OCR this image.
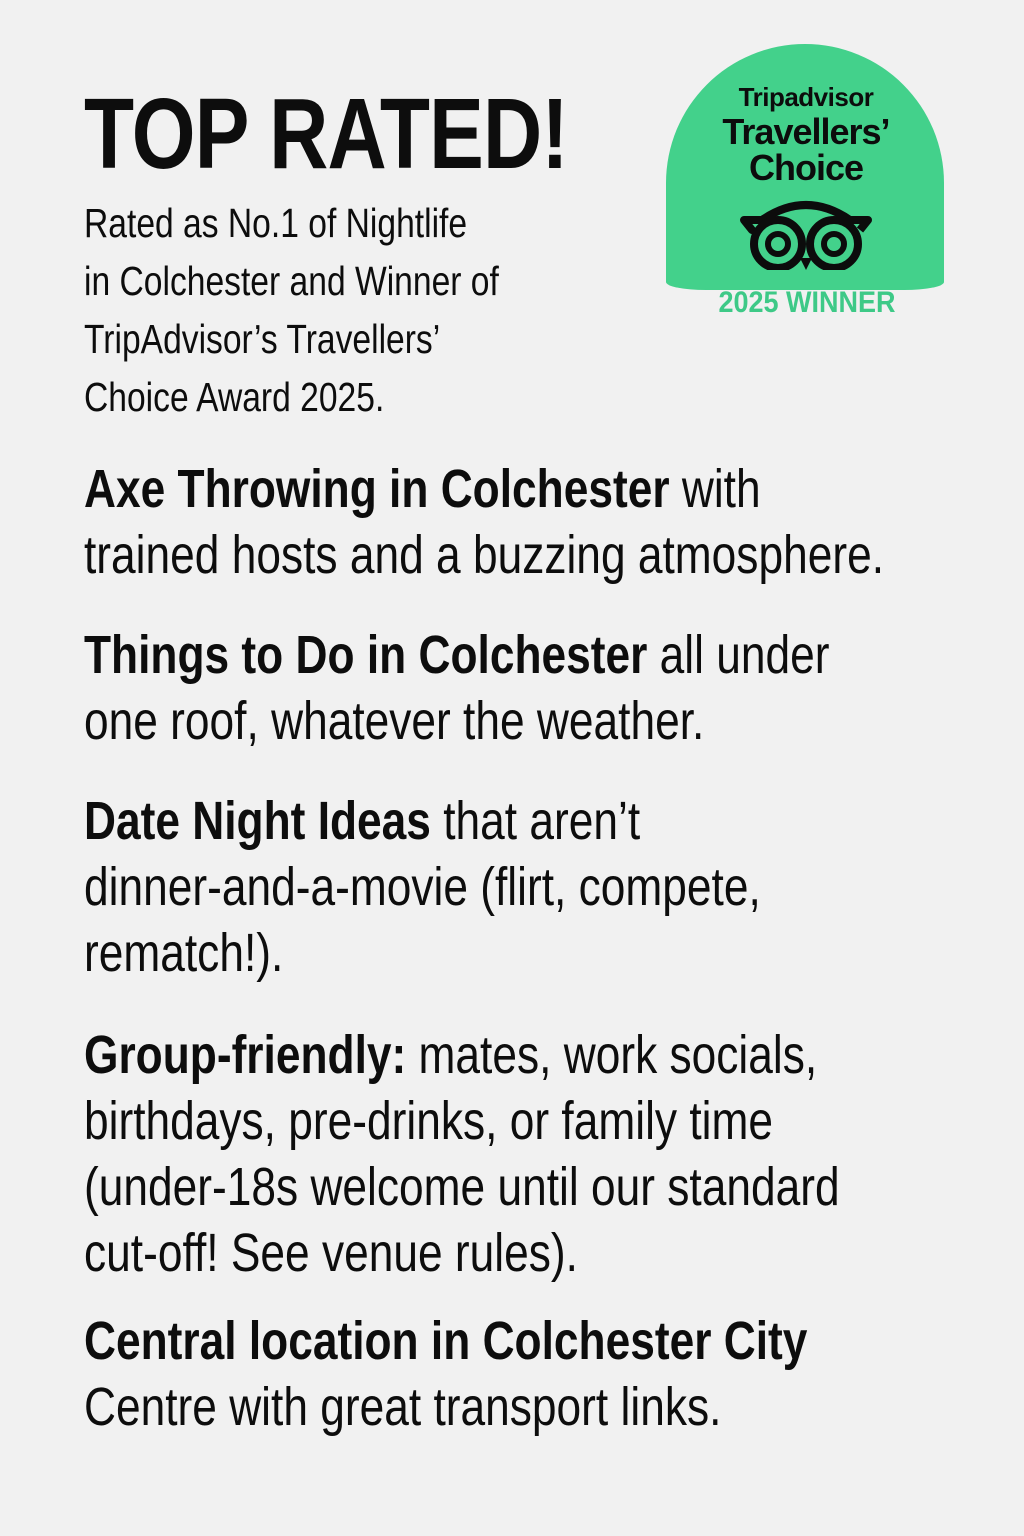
TOP RATED!

Rated as No.1 of Nightlife
in Colchester and Winner of
TripAdvisor’s Travellers’
Choice Award 2025.

Tripadvisor
Travellers’
Choice
2025 WINNER

Axe Throwing in Colchester with
trained hosts and a buzzing atmosphere.

Things to Do in Colchester all under
one roof, whatever the weather.

Date Night Ideas that aren’t
dinner-and-a-movie (flirt, compete,
rematch!).

Group-friendly: mates, work socials,
birthdays, pre-drinks, or family time
(under-18s welcome until our standard
cut-off! See venue rules).

Central location in Colchester City
Centre with great transport links.
